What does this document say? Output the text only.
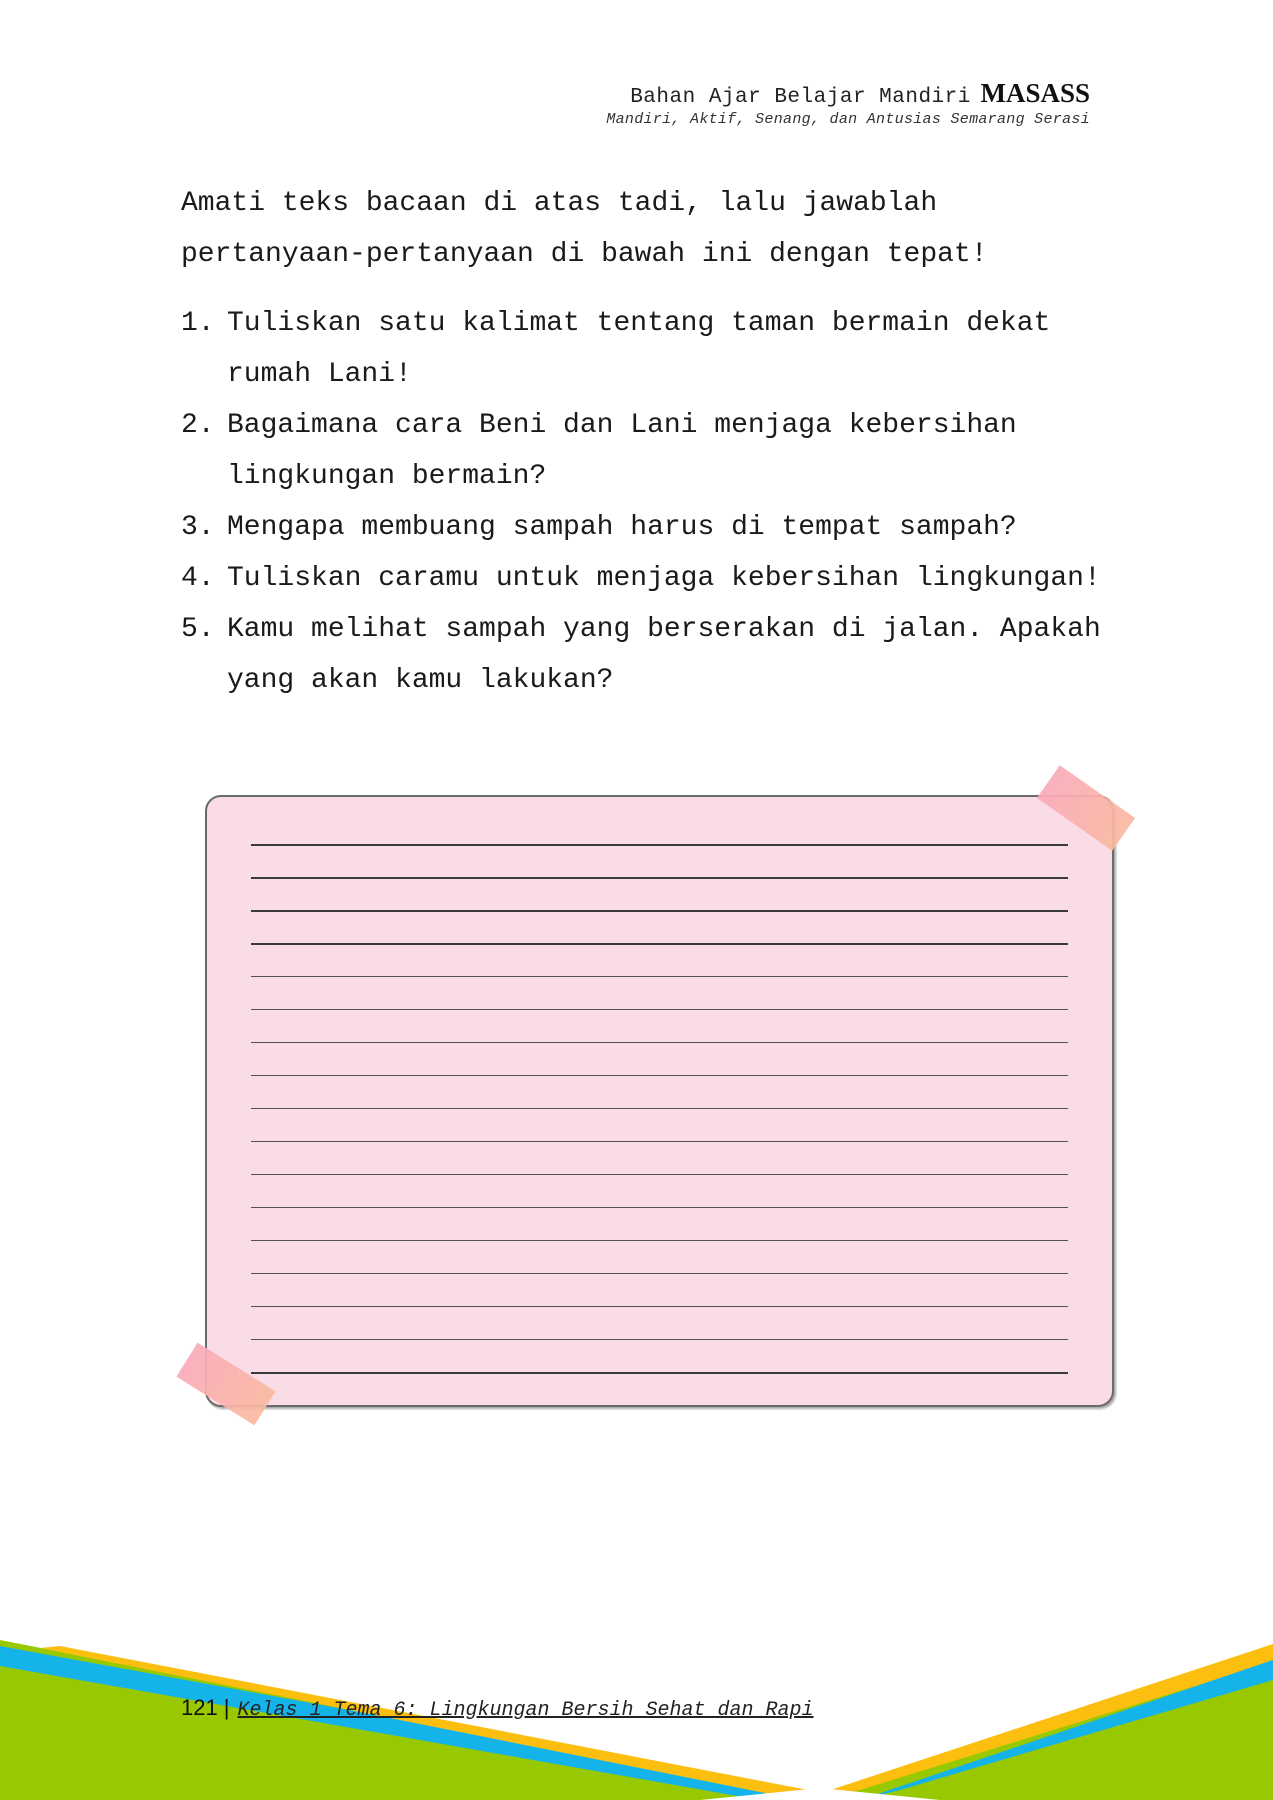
Bahan Ajar Belajar Mandiri MASASS
Mandiri, Aktif, Senang, dan Antusias Semarang Serasi
Amati teks bacaan di atas tadi, lalu jawablah pertanyaan-pertanyaan di bawah ini dengan tepat!
1. Tuliskan satu kalimat tentang taman bermain dekat rumah Lani!
2. Bagaimana cara Beni dan Lani menjaga kebersihan lingkungan bermain?
3. Mengapa membuang sampah harus di tempat sampah?
4. Tuliskan caramu untuk menjaga kebersihan lingkungan!
5. Kamu melihat sampah yang berserakan di jalan. Apakah yang akan kamu lakukan?
121 | Kelas 1 Tema 6: Lingkungan Bersih Sehat dan Rapi
